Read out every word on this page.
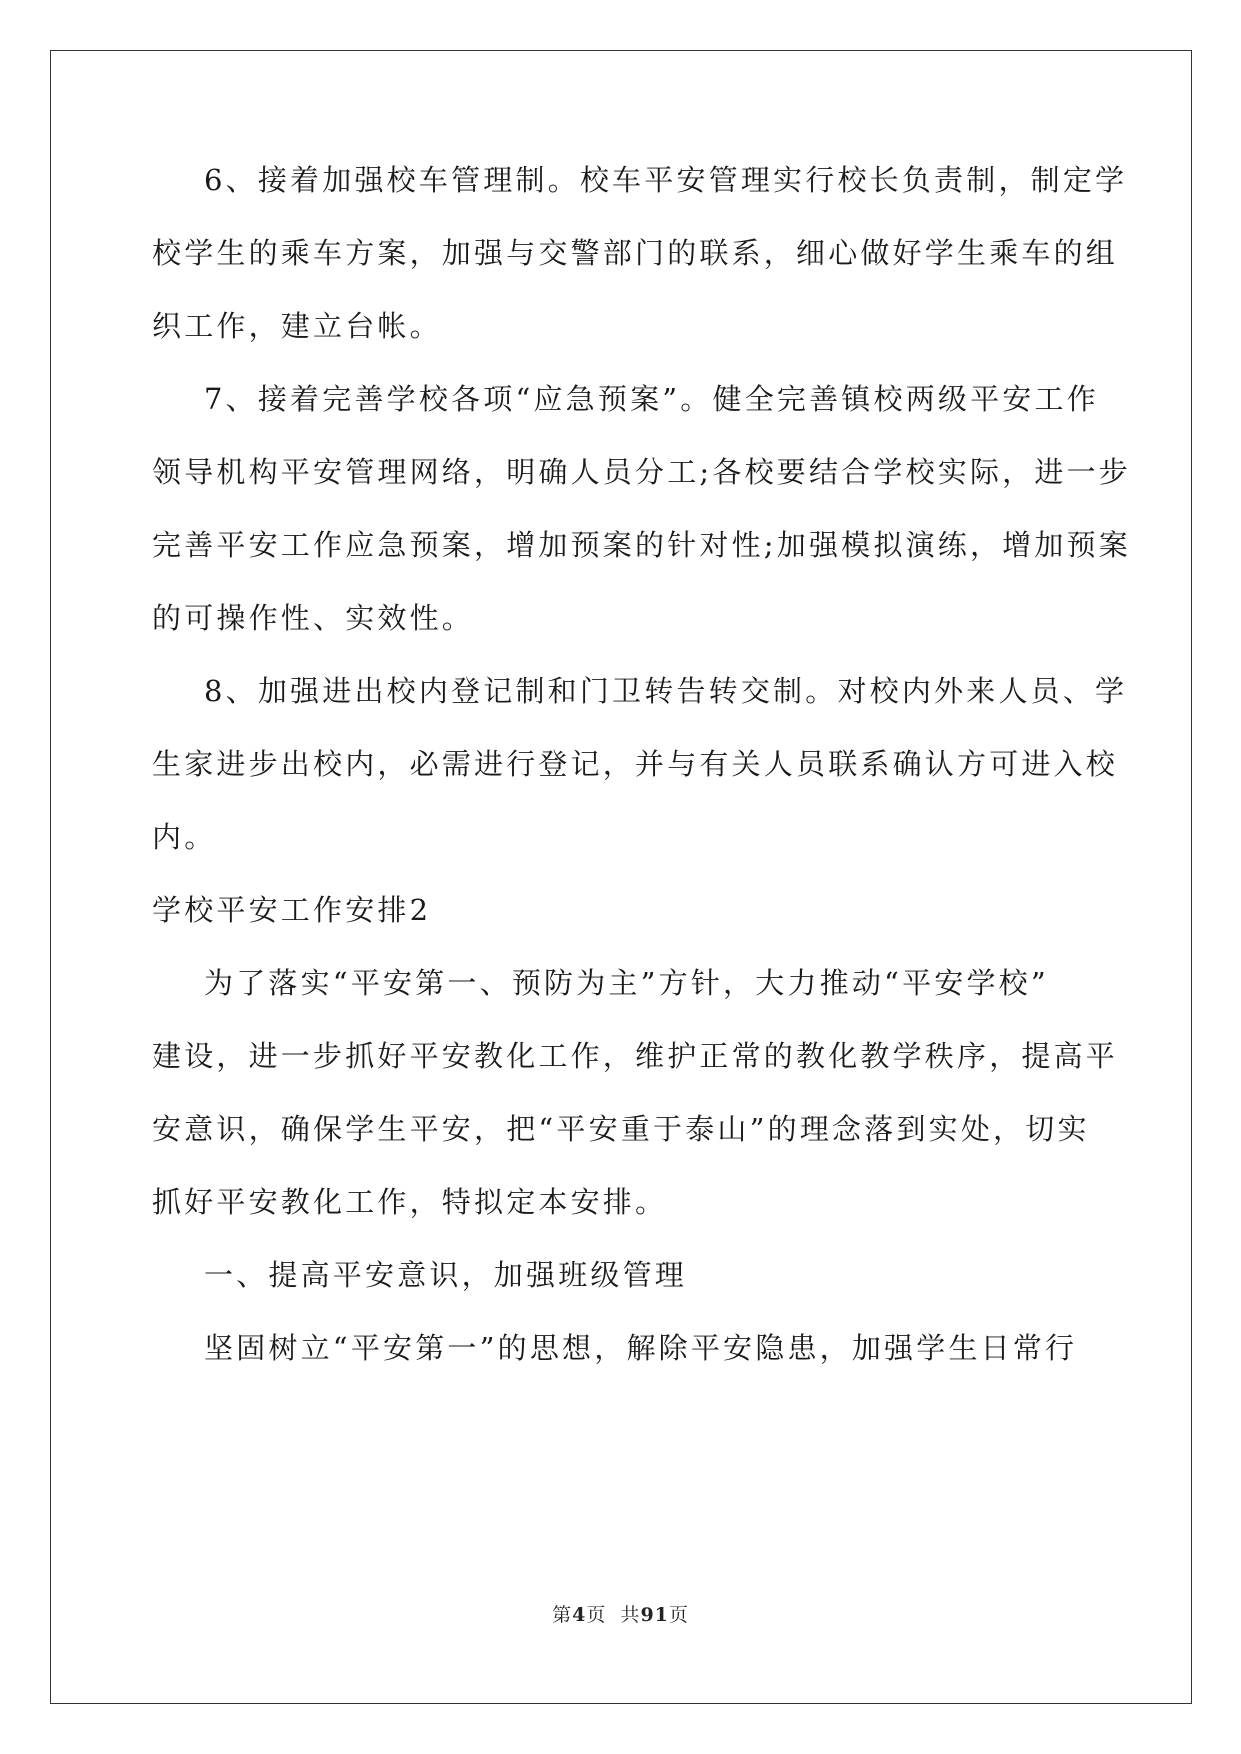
6、接着加强校车管理制。校车平安管理实行校长负责制，制定学
校学生的乘车方案，加强与交警部门的联系，细心做好学生乘车的组
织工作，建立台帐。
7、接着完善学校各项“应急预案”。健全完善镇校两级平安工作
领导机构平安管理网络，明确人员分工;各校要结合学校实际，进一步
完善平安工作应急预案，增加预案的针对性;加强模拟演练，增加预案
的可操作性、实效性。
8、加强进出校内登记制和门卫转告转交制。对校内外来人员、学
生家进步出校内，必需进行登记，并与有关人员联系确认方可进入校
内。
学校平安工作安排2
为了落实“平安第一、预防为主”方针，大力推动“平安学校”
建设，进一步抓好平安教化工作，维护正常的教化教学秩序，提高平
安意识，确保学生平安，把“平安重于泰山”的理念落到实处，切实
抓好平安教化工作，特拟定本安排。
一、提高平安意识，加强班级管理
坚固树立“平安第一”的思想，解除平安隐患，加强学生日常行
第4页  共91页
